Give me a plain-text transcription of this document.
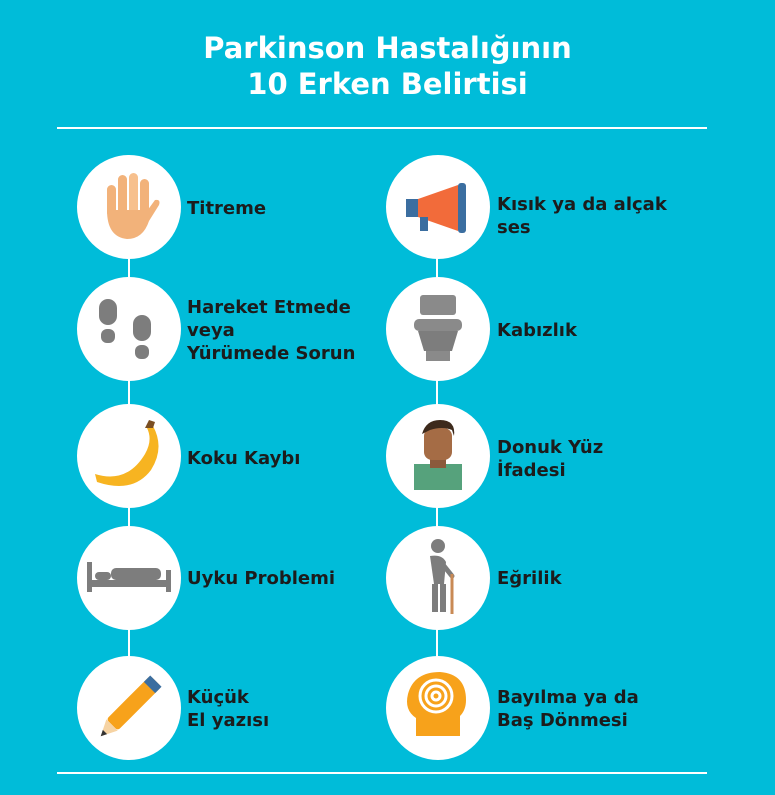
Parkinson Hastalığının
10 Erken Belirtisi
Titreme
Hareket Etmede
veya
Yürümede Sorun
Koku Kaybı
Uyku Problemi
Küçük
El yazısı
Kısık ya da alçak
ses
Kabızlık
Donuk Yüz
İfadesi
Eğrilik
Bayılma ya da
Baş Dönmesi
